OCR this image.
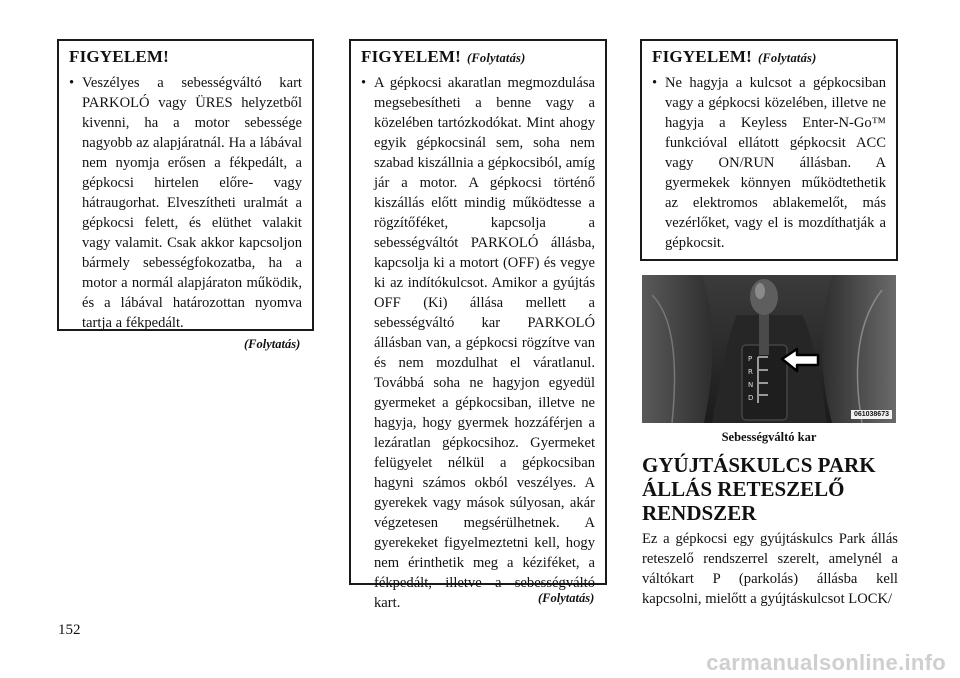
FIGYELEM!

• Veszélyes a sebességváltó kart PARKOLÓ vagy ÜRES helyzetből kivenni, ha a motor sebessége nagyobb az alapjáratnál. Ha a lábával nem nyomja erősen a fékpedált, a gépkocsi hirtelen előre- vagy hátraugorhat. Elveszítheti uralmát a gépkocsi felett, és elüthet valakit vagy valamit. Csak akkor kapcsoljon bármely sebességfokozatba, ha a motor a normál alapjáraton működik, és a lábával határozottan nyomva tartja a fékpedált.

(Folytatás)
FIGYELEM! (Folytatás)

• A gépkocsi akaratlan megmozdulása megsebesítheti a benne vagy a közelében tartózkodókat. Mint ahogy egyik gépkocsinál sem, soha nem szabad kiszállnia a gépkocsiból, amíg jár a motor. A gépkocsi történő kiszállás előtt mindig működtesse a rögzítőféket, kapcsolja a sebességváltót PARKOLÓ állásba, kapcsolja ki a motort (OFF) és vegye ki az indítókulcsot. Amikor a gyújtás OFF (Ki) állása mellett a sebességváltó kar PARKOLÓ állásban van, a gépkocsi rögzítve van és nem mozdulhat el váratlanul. Továbbá soha ne hagyjon egyedül gyermeket a gépkocsiban, illetve ne hagyja, hogy gyermek hozzáférjen a lezáratlan gépkocsihoz. Gyermeket felügyelet nélkül a gépkocsiban hagyni számos okból veszélyes. A gyerekek vagy mások súlyosan, akár végzetesen megsérülhetnek. A gyerekeket figyelmeztetni kell, hogy nem érinthetik meg a kéziféket, a fékpedált, illetve a sebességváltó kart.	(Folytatás)
FIGYELEM! (Folytatás)

• Ne hagyja a kulcsot a gépkocsiban vagy a gépkocsi közelében, illetve ne hagyja a Keyless Enter-N-Go™ funkcióval ellátott gépkocsit ACC vagy ON/RUN állásban. A gyermekek könnyen működtethetik az elektromos ablakemelőt, más vezérlőket, vagy el is mozdíthatják a gépkocsit.

P
R
N
D
061038673
Sebességváltó kar
GYÚJTÁSKULCS PARK ÁLLÁS RETESZELŐ RENDSZER

Ez a gépkocsi egy gyújtáskulcs Park állás reteszelő rendszerrel szerelt, amelynél a váltókart P (parkolás) állásba kell kapcsolni, mielőtt a gyújtáskulcsot LOCK/

152
carmanualsonline.info
